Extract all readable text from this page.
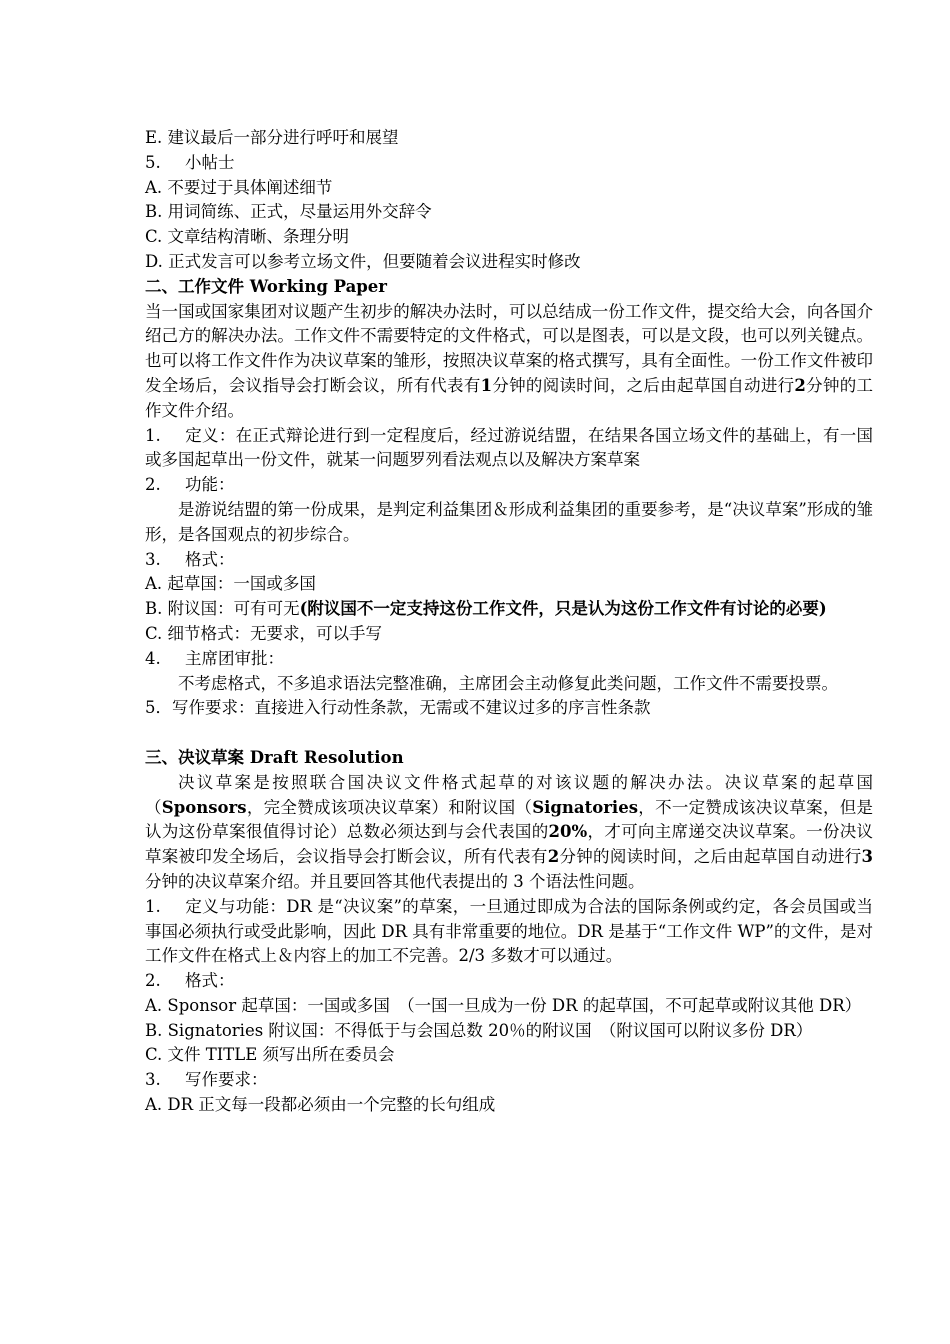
E. 建议最后一部分进行呼吁和展望

5. 小帖士

A. 不要过于具体阐述细节

B. 用词简练、正式，尽量运用外交辞令

C. 文章结构清晰、条理分明

D. 正式发言可以参考立场文件，但要随着会议进程实时修改

二、工作文件 Working Paper

当一国或国家集团对议题产生初步的解决办法时，可以总结成一份工作文件，提交给大会，向各国介绍己方的解决办法。工作文件不需要特定的文件格式，可以是图表，可以是文段，也可以列关键点。也可以将工作文件作为决议草案的雏形，按照决议草案的格式撰写，具有全面性。一份工作文件被印发全场后，会议指导会打断会议，所有代表有1分钟的阅读时间，之后由起草国自动进行2分钟的工作文件介绍。

1. 定义：在正式辩论进行到一定程度后，经过游说结盟，在结果各国立场文件的基础上，有一国或多国起草出一份文件，就某一问题罗列看法观点以及解决方案草案

2. 功能：

是游说结盟的第一份成果，是判定利益集团＆形成利益集团的重要参考，是“决议草案”形成的雏形，是各国观点的初步综合。

3. 格式：

A. 起草国：一国或多国

B. 附议国：可有可无(附议国不一定支持这份工作文件，只是认为这份工作文件有讨论的必要)

C. 细节格式：无要求，可以手写

4. 主席团审批：

不考虑格式，不多追求语法完整准确，主席团会主动修复此类问题，工作文件不需要投票。

5．写作要求：直接进入行动性条款，无需或不建议过多的序言性条款

三、决议草案 Draft Resolution

决议草案是按照联合国决议文件格式起草的对该议题的解决办法。决议草案的起草国（Sponsors，完全赞成该项决议草案）和附议国（Signatories，不一定赞成该决议草案，但是认为这份草案很值得讨论）总数必须达到与会代表国的20%，才可向主席递交决议草案。一份决议草案被印发全场后，会议指导会打断会议，所有代表有2分钟的阅读时间，之后由起草国自动进行3分钟的决议草案介绍。并且要回答其他代表提出的 3 个语法性问题。

1. 定义与功能：DR 是“决议案”的草案，一旦通过即成为合法的国际条例或约定，各会员国或当事国必须执行或受此影响，因此 DR 具有非常重要的地位。DR 是基于“工作文件 WP”的文件，是对工作文件在格式上＆内容上的加工不完善。2/3 多数才可以通过。

2. 格式：

A. Sponsor 起草国：一国或多国　（一国一旦成为一份 DR 的起草国，不可起草或附议其他 DR）

B. Signatories 附议国：不得低于与会国总数 20％的附议国　（附议国可以附议多份 DR）

C. 文件 TITLE 须写出所在委员会

3. 写作要求：

A. DR 正文每一段都必须由一个完整的长句组成
